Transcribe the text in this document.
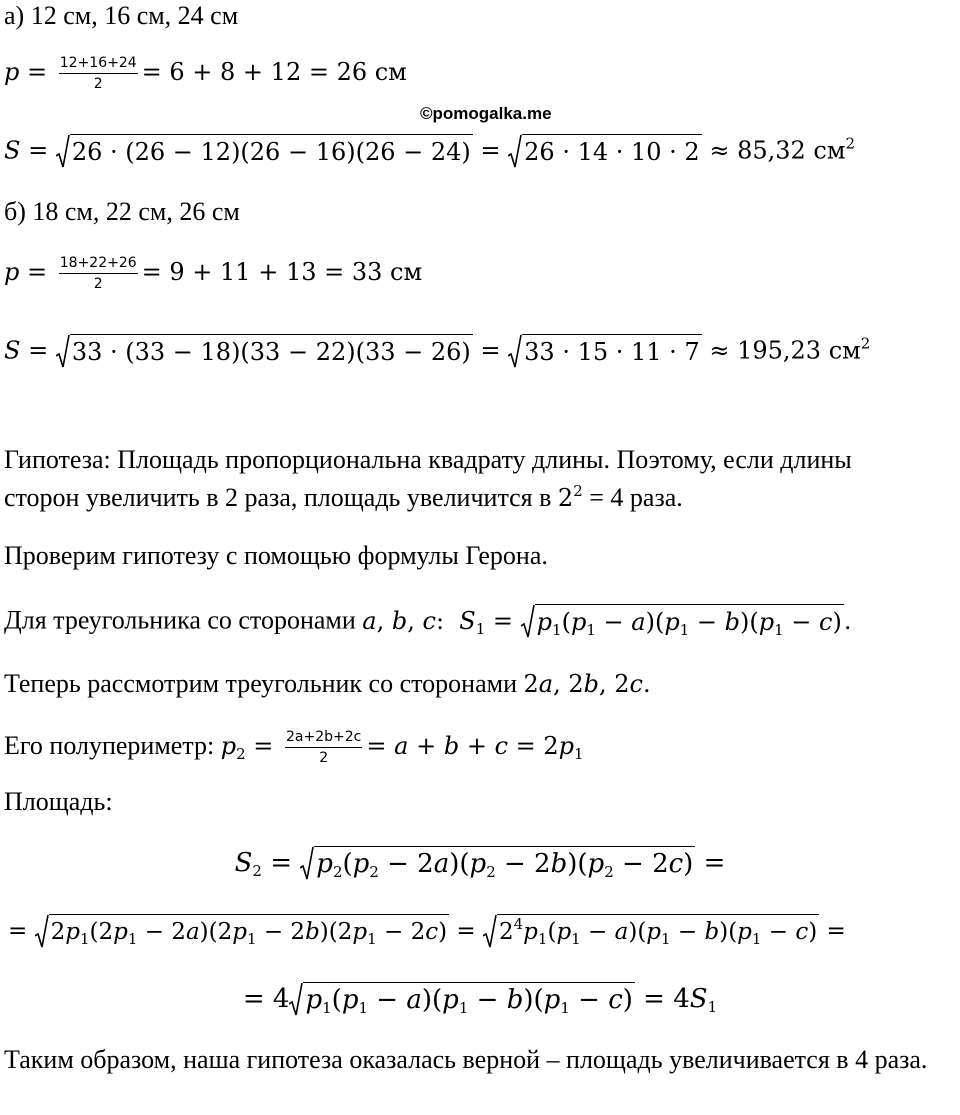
а) 12 см, 16 см, 24 см
$p = \frac{12+16+24}{2} = 6 + 8 + 12 = 26$ см
©pomogalka.me
S = 26 · (26 − 12)(26 − 16)(26 − 24) = 26 · 14 · 10 · 2 ≈ 85,32 $см^2$
б) 18 см, 22 см, 26 см
$p = \frac{18+22+26}{2} = 9 + 11 + 13 = 33$ см
S = 33 · (33 − 18)(33 − 22)(33 − 26) = 33 · 15 · 11 · 7 ≈ 195,23 $см^2$
Гипотеза: Площадь пропорциональна квадрату длины. Поэтому, если длины
сторон увеличить в 2 раза, площадь увеличится в $2^2 = 4$ раза.
Проверим гипотезу с помощью формулы Герона.
Для треугольника со сторонами a, b, c:  $S_1 = p_1(p_1 - a)(p_1 - b)(p_1 - c)$ .
Теперь рассмотрим треугольник со сторонами 2a, 2b, 2c.
Его полупериметр: $p_2 = \frac{2a+2b+2c}{2} = a + b + c = 2p_1$
Площадь:
$S_2 = p_2(p_2 - 2a)(p_2 - 2b)(p_2 - 2c)$ =
= $2p_1(2p_1 - 2a)(2p_1 - 2b)(2p_1 - 2c) = 2^4p_1(p_1 - a)(p_1 - b)(p_1 - c)$ =
= 4 $p_1(p_1 - a)(p_1 - b)(p_1 - c) = 4S_1$
Таким образом, наша гипотеза оказалась верной – площадь увеличивается в 4 раза.
